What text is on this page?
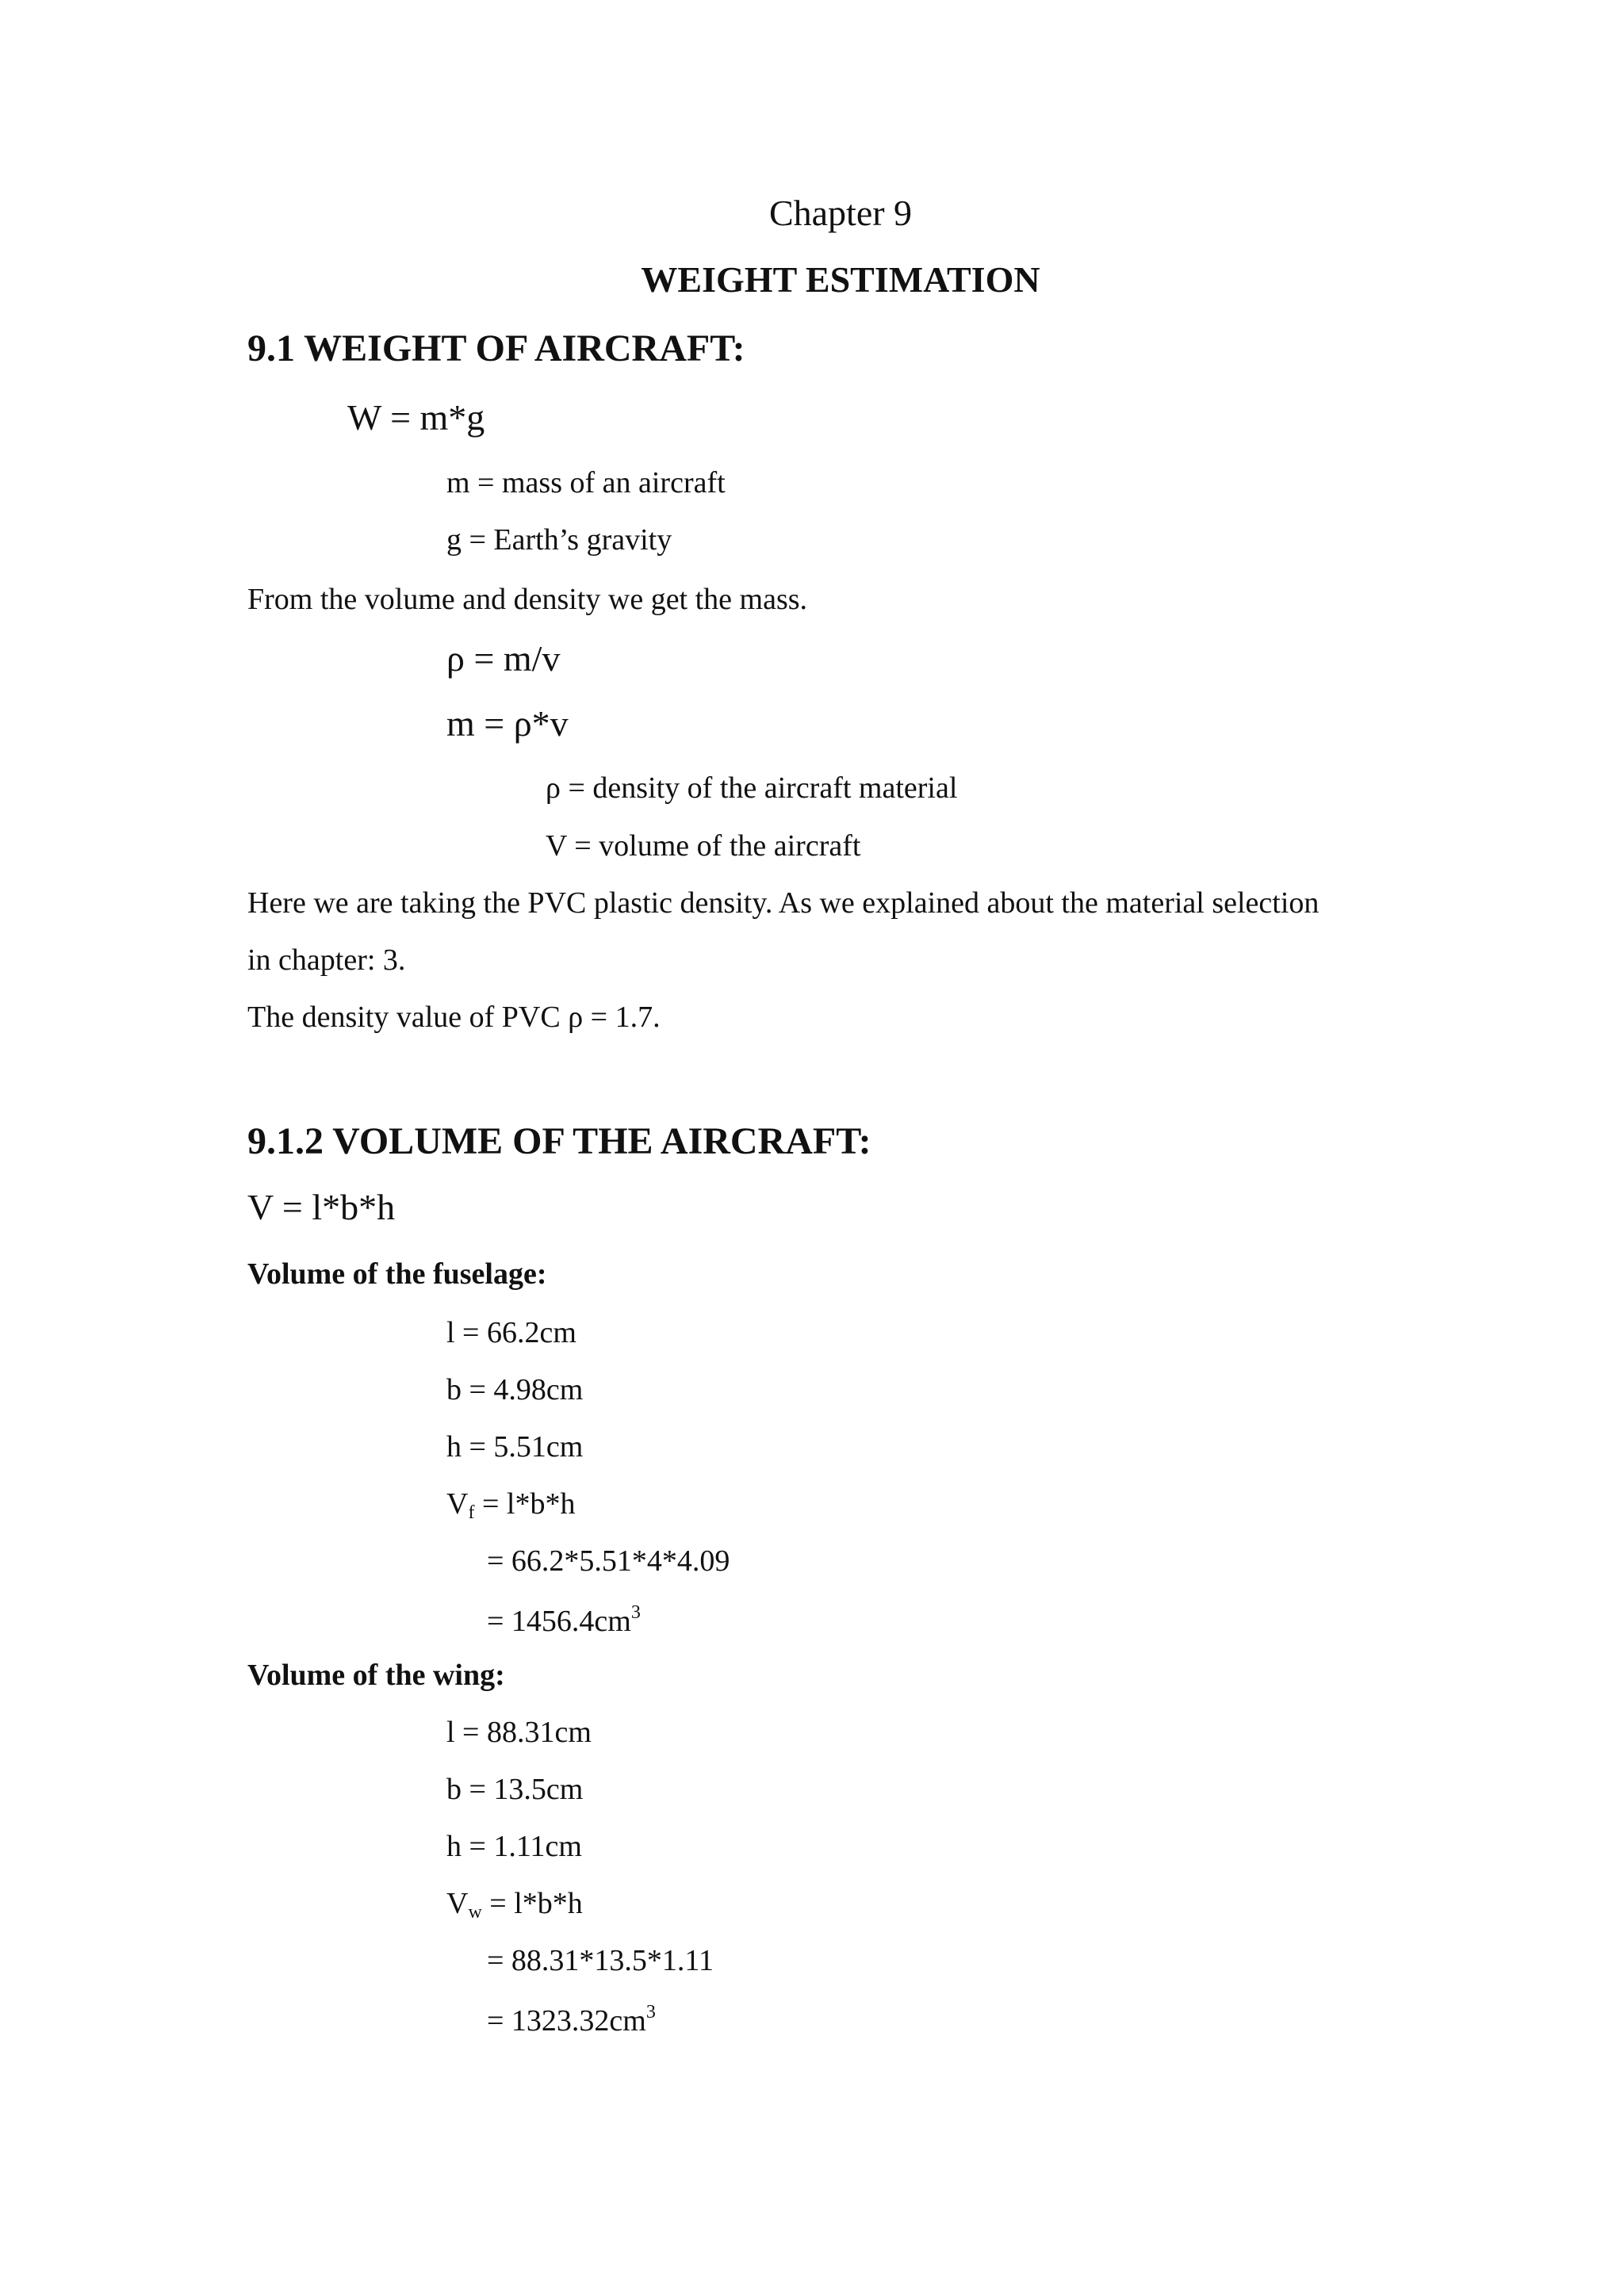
Chapter 9
WEIGHT ESTIMATION
9.1 WEIGHT OF AIRCRAFT:
W = m*g
m = mass of an aircraft
g = Earth’s gravity
From the volume and density we get the mass.
ρ = m/v
m = ρ*v
ρ = density of the aircraft material
V = volume of the aircraft
Here we are taking the PVC plastic density. As we explained about the material selection
in chapter: 3.
The density value of PVC ρ = 1.7.
9.1.2 VOLUME OF THE AIRCRAFT:
V = l*b*h
Volume of the fuselage:
l = 66.2cm
b = 4.98cm
h = 5.51cm
$V_f = l*b*h$
= 66.2*5.51*4*4.09
= $1456.4cm^3$
Volume of the wing:
l = 88.31cm
b = 13.5cm
h = 1.11cm
$V_w = l*b*h$
= 88.31*13.5*1.11
= $1323.32cm^3$
